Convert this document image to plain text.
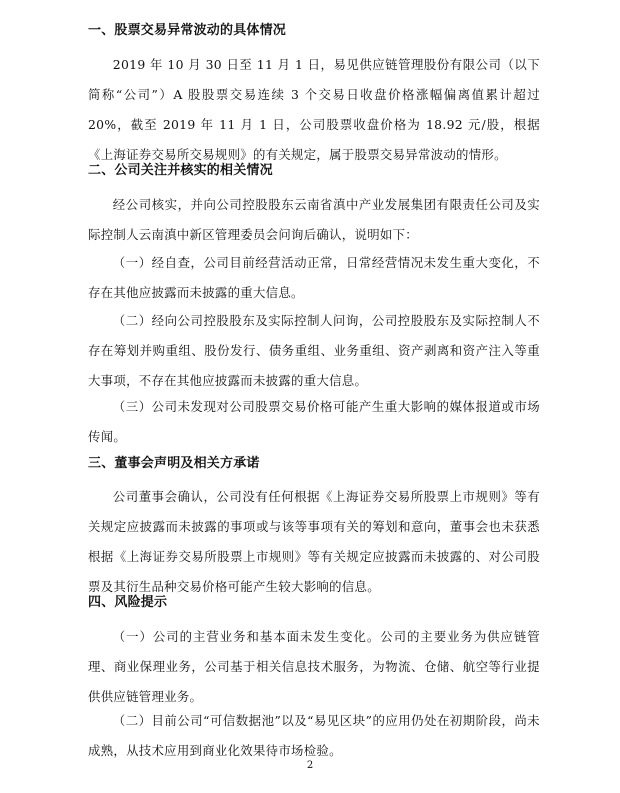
一、股票交易异常波动的具体情况

2019 年 10 月 30 日至 11 月 1 日，易见供应链管理股份有限公司（以下简称“公司”）A 股股票交易连续 3 个交易日收盘价格涨幅偏离值累计超过 20%，截至 2019 年 11 月 1 日，公司股票收盘价格为 18.92 元/股，根据《上海证券交易所交易规则》的有关规定，属于股票交易异常波动的情形。

二、公司关注并核实的相关情况

经公司核实，并向公司控股股东云南省滇中产业发展集团有限责任公司及实际控制人云南滇中新区管理委员会问询后确认，说明如下：

（一）经自查，公司目前经营活动正常，日常经营情况未发生重大变化，不存在其他应披露而未披露的重大信息。

（二）经向公司控股股东及实际控制人问询，公司控股股东及实际控制人不存在筹划并购重组、股份发行、债务重组、业务重组、资产剥离和资产注入等重大事项，不存在其他应披露而未披露的重大信息。

（三）公司未发现对公司股票交易价格可能产生重大影响的媒体报道或市场传闻。

三、董事会声明及相关方承诺

公司董事会确认，公司没有任何根据《上海证券交易所股票上市规则》等有关规定应披露而未披露的事项或与该等事项有关的筹划和意向，董事会也未获悉根据《上海证券交易所股票上市规则》等有关规定应披露而未披露的、对公司股票及其衍生品种交易价格可能产生较大影响的信息。

四、风险提示

（一）公司的主营业务和基本面未发生变化。公司的主要业务为供应链管理、商业保理业务，公司基于相关信息技术服务，为物流、仓储、航空等行业提供供应链管理业务。

（二）目前公司“可信数据池”以及“易见区块”的应用仍处在初期阶段，尚未成熟，从技术应用到商业化效果待市场检验。

2
